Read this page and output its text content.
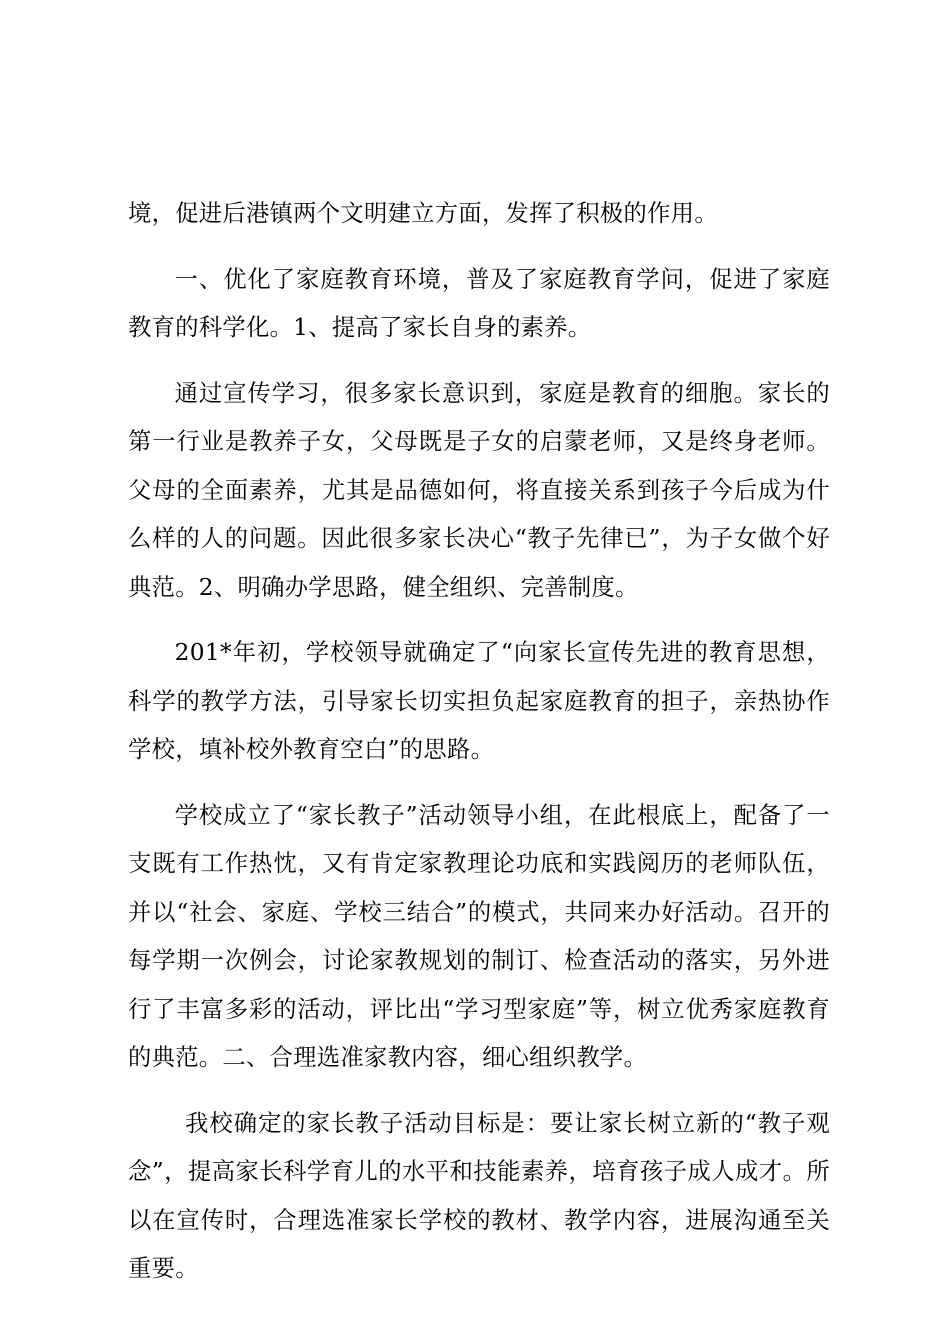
境，促进后港镇两个文明建立方面，发挥了积极的作用。

一、优化了家庭教育环境，普及了家庭教育学问，促进了家庭教育的科学化。1、提高了家长自身的素养。

通过宣传学习，很多家长意识到，家庭是教育的细胞。家长的第一行业是教养子女，父母既是子女的启蒙老师，又是终身老师。父母的全面素养，尤其是品德如何，将直接关系到孩子今后成为什么样的人的问题。因此很多家长决心“教子先律已”，为子女做个好典范。2、明确办学思路，健全组织、完善制度。

201*年初，学校领导就确定了“向家长宣传先进的教育思想，科学的教学方法，引导家长切实担负起家庭教育的担子，亲热协作学校，填补校外教育空白”的思路。

学校成立了“家长教子”活动领导小组，在此根底上，配备了一支既有工作热忱，又有肯定家教理论功底和实践阅历的老师队伍，并以“社会、家庭、学校三结合”的模式，共同来办好活动。召开的每学期一次例会，讨论家教规划的制订、检查活动的落实，另外进行了丰富多彩的活动，评比出“学习型家庭”等，树立优秀家庭教育的典范。二、合理选准家教内容，细心组织教学。

我校确定的家长教子活动目标是：要让家长树立新的“教子观念”，提高家长科学育儿的水平和技能素养，培育孩子成人成才。所以在宣传时，合理选准家长学校的教材、教学内容，进展沟通至关重要。
